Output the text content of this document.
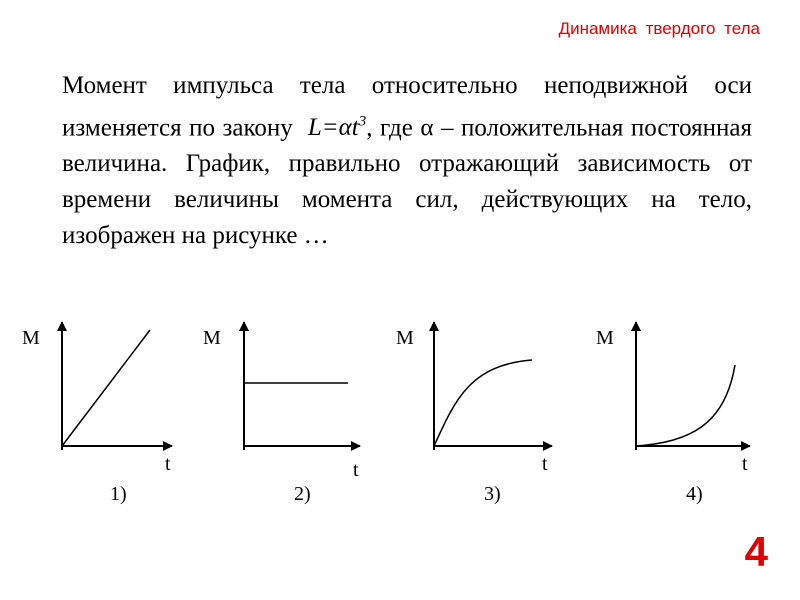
Динамика твердого тела

Момент импульса тела относительно неподвижной оси изменяется по закону $L=\alpha t^3$, где α – положительная постоянная величина. График, правильно отражающий зависимость от времени величины момента сил, действующих на тело, изображен на рисунке …

M
t
1)
M
t
2)
M
t
3)
M
t
4)
4
